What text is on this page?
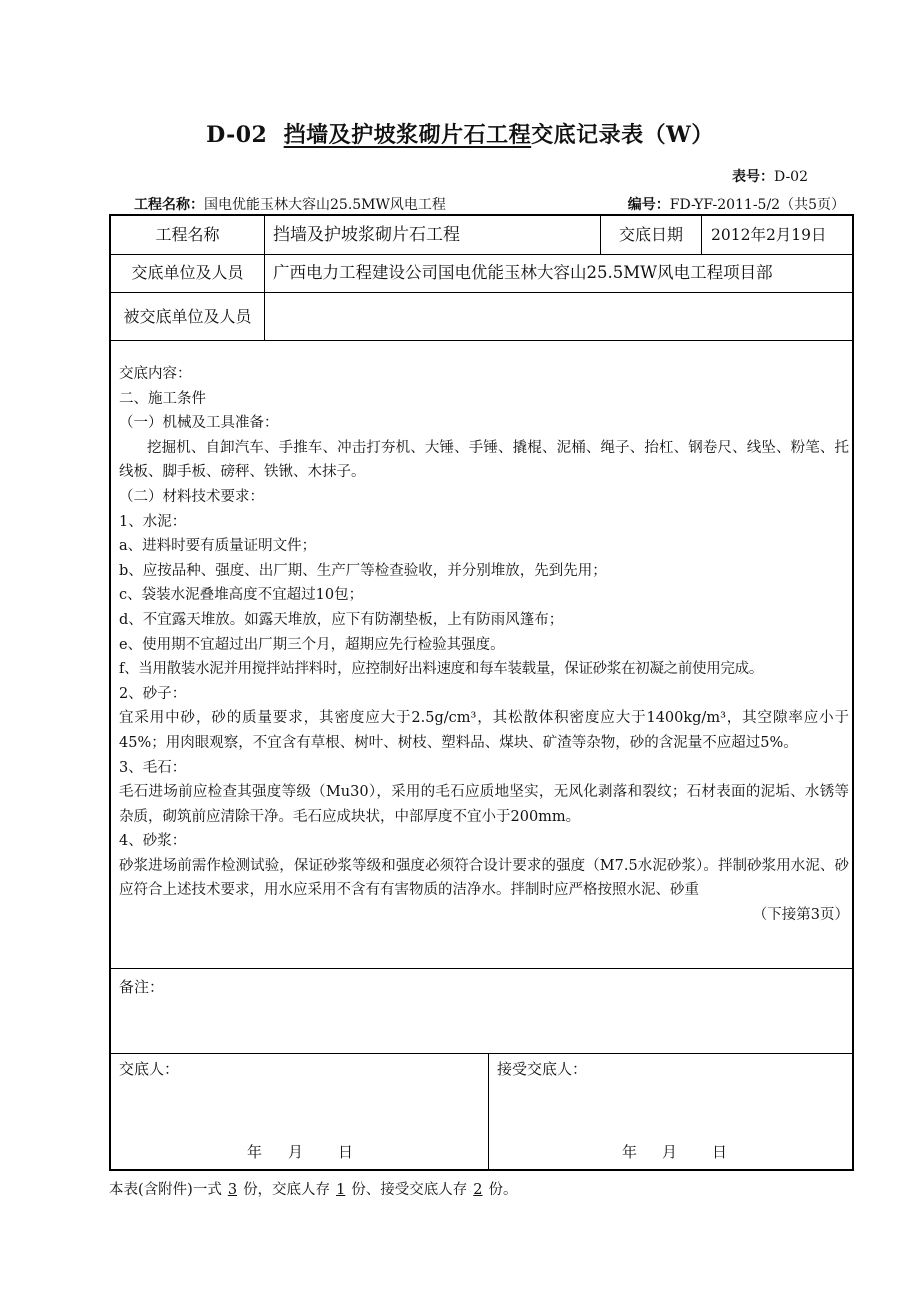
D-02 挡墙及护坡浆砌片石工程交底记录表（W）
表号：D-02
工程名称：国电优能玉林大容山25.5MW风电工程	编号：FD-YF-2011-5/2（共5页）
工程名称	挡墙及护坡浆砌片石工程	交底日期	2012年2月19日
交底单位及人员	广西电力工程建设公司国电优能玉林大容山25.5MW风电工程项目部
被交底单位及人员
交底内容：
二、施工条件
（一）机械及工具准备：
挖掘机、自卸汽车、手推车、冲击打夯机、大锤、手锤、撬棍、泥桶、绳子、抬杠、钢卷尺、线坠、粉笔、托线板、脚手板、磅秤、铁锹、木抹子。
（二）材料技术要求：
1、水泥：
a、进料时要有质量证明文件；
b、应按品种、强度、出厂期、生产厂等检查验收，并分别堆放，先到先用；
c、袋装水泥叠堆高度不宜超过10包；
d、不宜露天堆放。如露天堆放，应下有防潮垫板，上有防雨风篷布；
e、使用期不宜超过出厂期三个月，超期应先行检验其强度。
f、当用散装水泥并用搅拌站拌料时，应控制好出料速度和每车装载量，保证砂浆在初凝之前使用完成。
2、砂子：
宜采用中砂，砂的质量要求，其密度应大于2.5g/cm³，其松散体积密度应大于1400kg/m³，其空隙率应小于45%；用肉眼观察，不宜含有草根、树叶、树枝、塑料品、煤块、矿渣等杂物，砂的含泥量不应超过5%。
3、毛石：
毛石进场前应检查其强度等级（Mu30），采用的毛石应质地坚实，无风化剥落和裂纹；石材表面的泥垢、水锈等杂质，砌筑前应清除干净。毛石应成块状，中部厚度不宜小于200mm。
4、砂浆：
砂浆进场前需作检测试验，保证砂浆等级和强度必须符合设计要求的强度（M7.5水泥砂浆）。拌制砂浆用水泥、砂应符合上述技术要求，用水应采用不含有有害物质的洁净水。拌制时应严格按照水泥、砂重
（下接第3页）
备注：
交底人：	接受交底人：
年 月 日	年 月 日
本表(含附件)一式 3 份，交底人存 1 份、接受交底人存 2 份。
